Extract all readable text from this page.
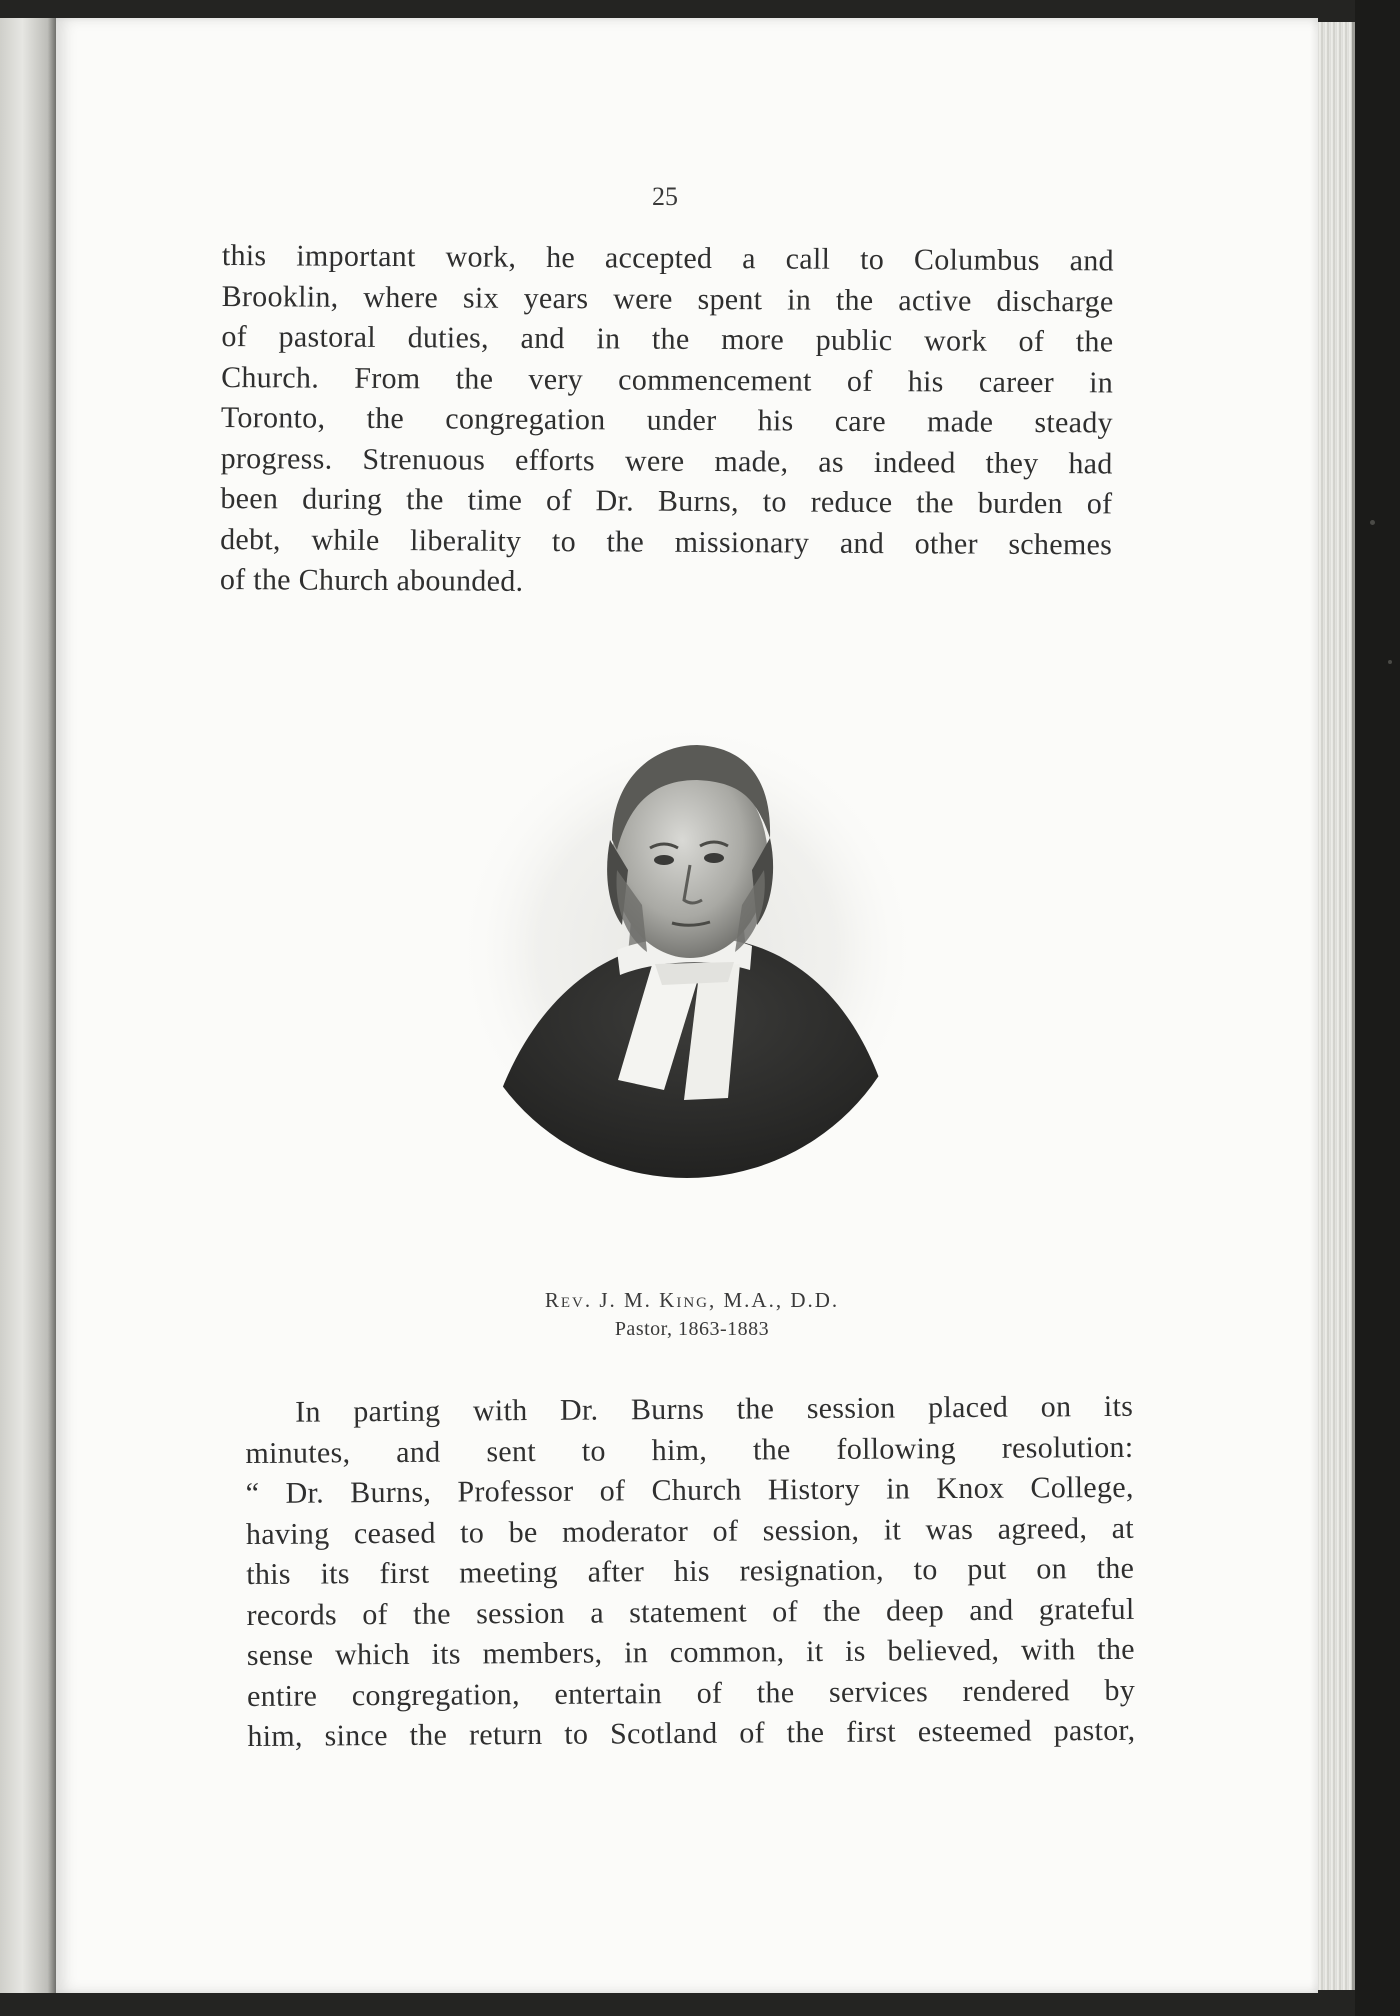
25
this important work, he accepted a call to Columbus and
Brooklin, where six years were spent in the active discharge
of pastoral duties, and in the more public work of the
Church. From the very commencement of his career in
Toronto, the congregation under his care made steady
progress. Strenuous efforts were made, as indeed they had
been during the time of Dr. Burns, to reduce the burden of
debt, while liberality to the missionary and other schemes
of the Church abounded.
Rev. J. M. King, M.A., D.D.
Pastor, 1863-1883
In parting with Dr. Burns the session placed on its
minutes, and sent to him, the following resolution:
“ Dr. Burns, Professor of Church History in Knox College,
having ceased to be moderator of session, it was agreed, at
this its first meeting after his resignation, to put on the
records of the session a statement of the deep and grateful
sense which its members, in common, it is believed, with the
entire congregation, entertain of the services rendered by
him, since the return to Scotland of the first esteemed pastor,
